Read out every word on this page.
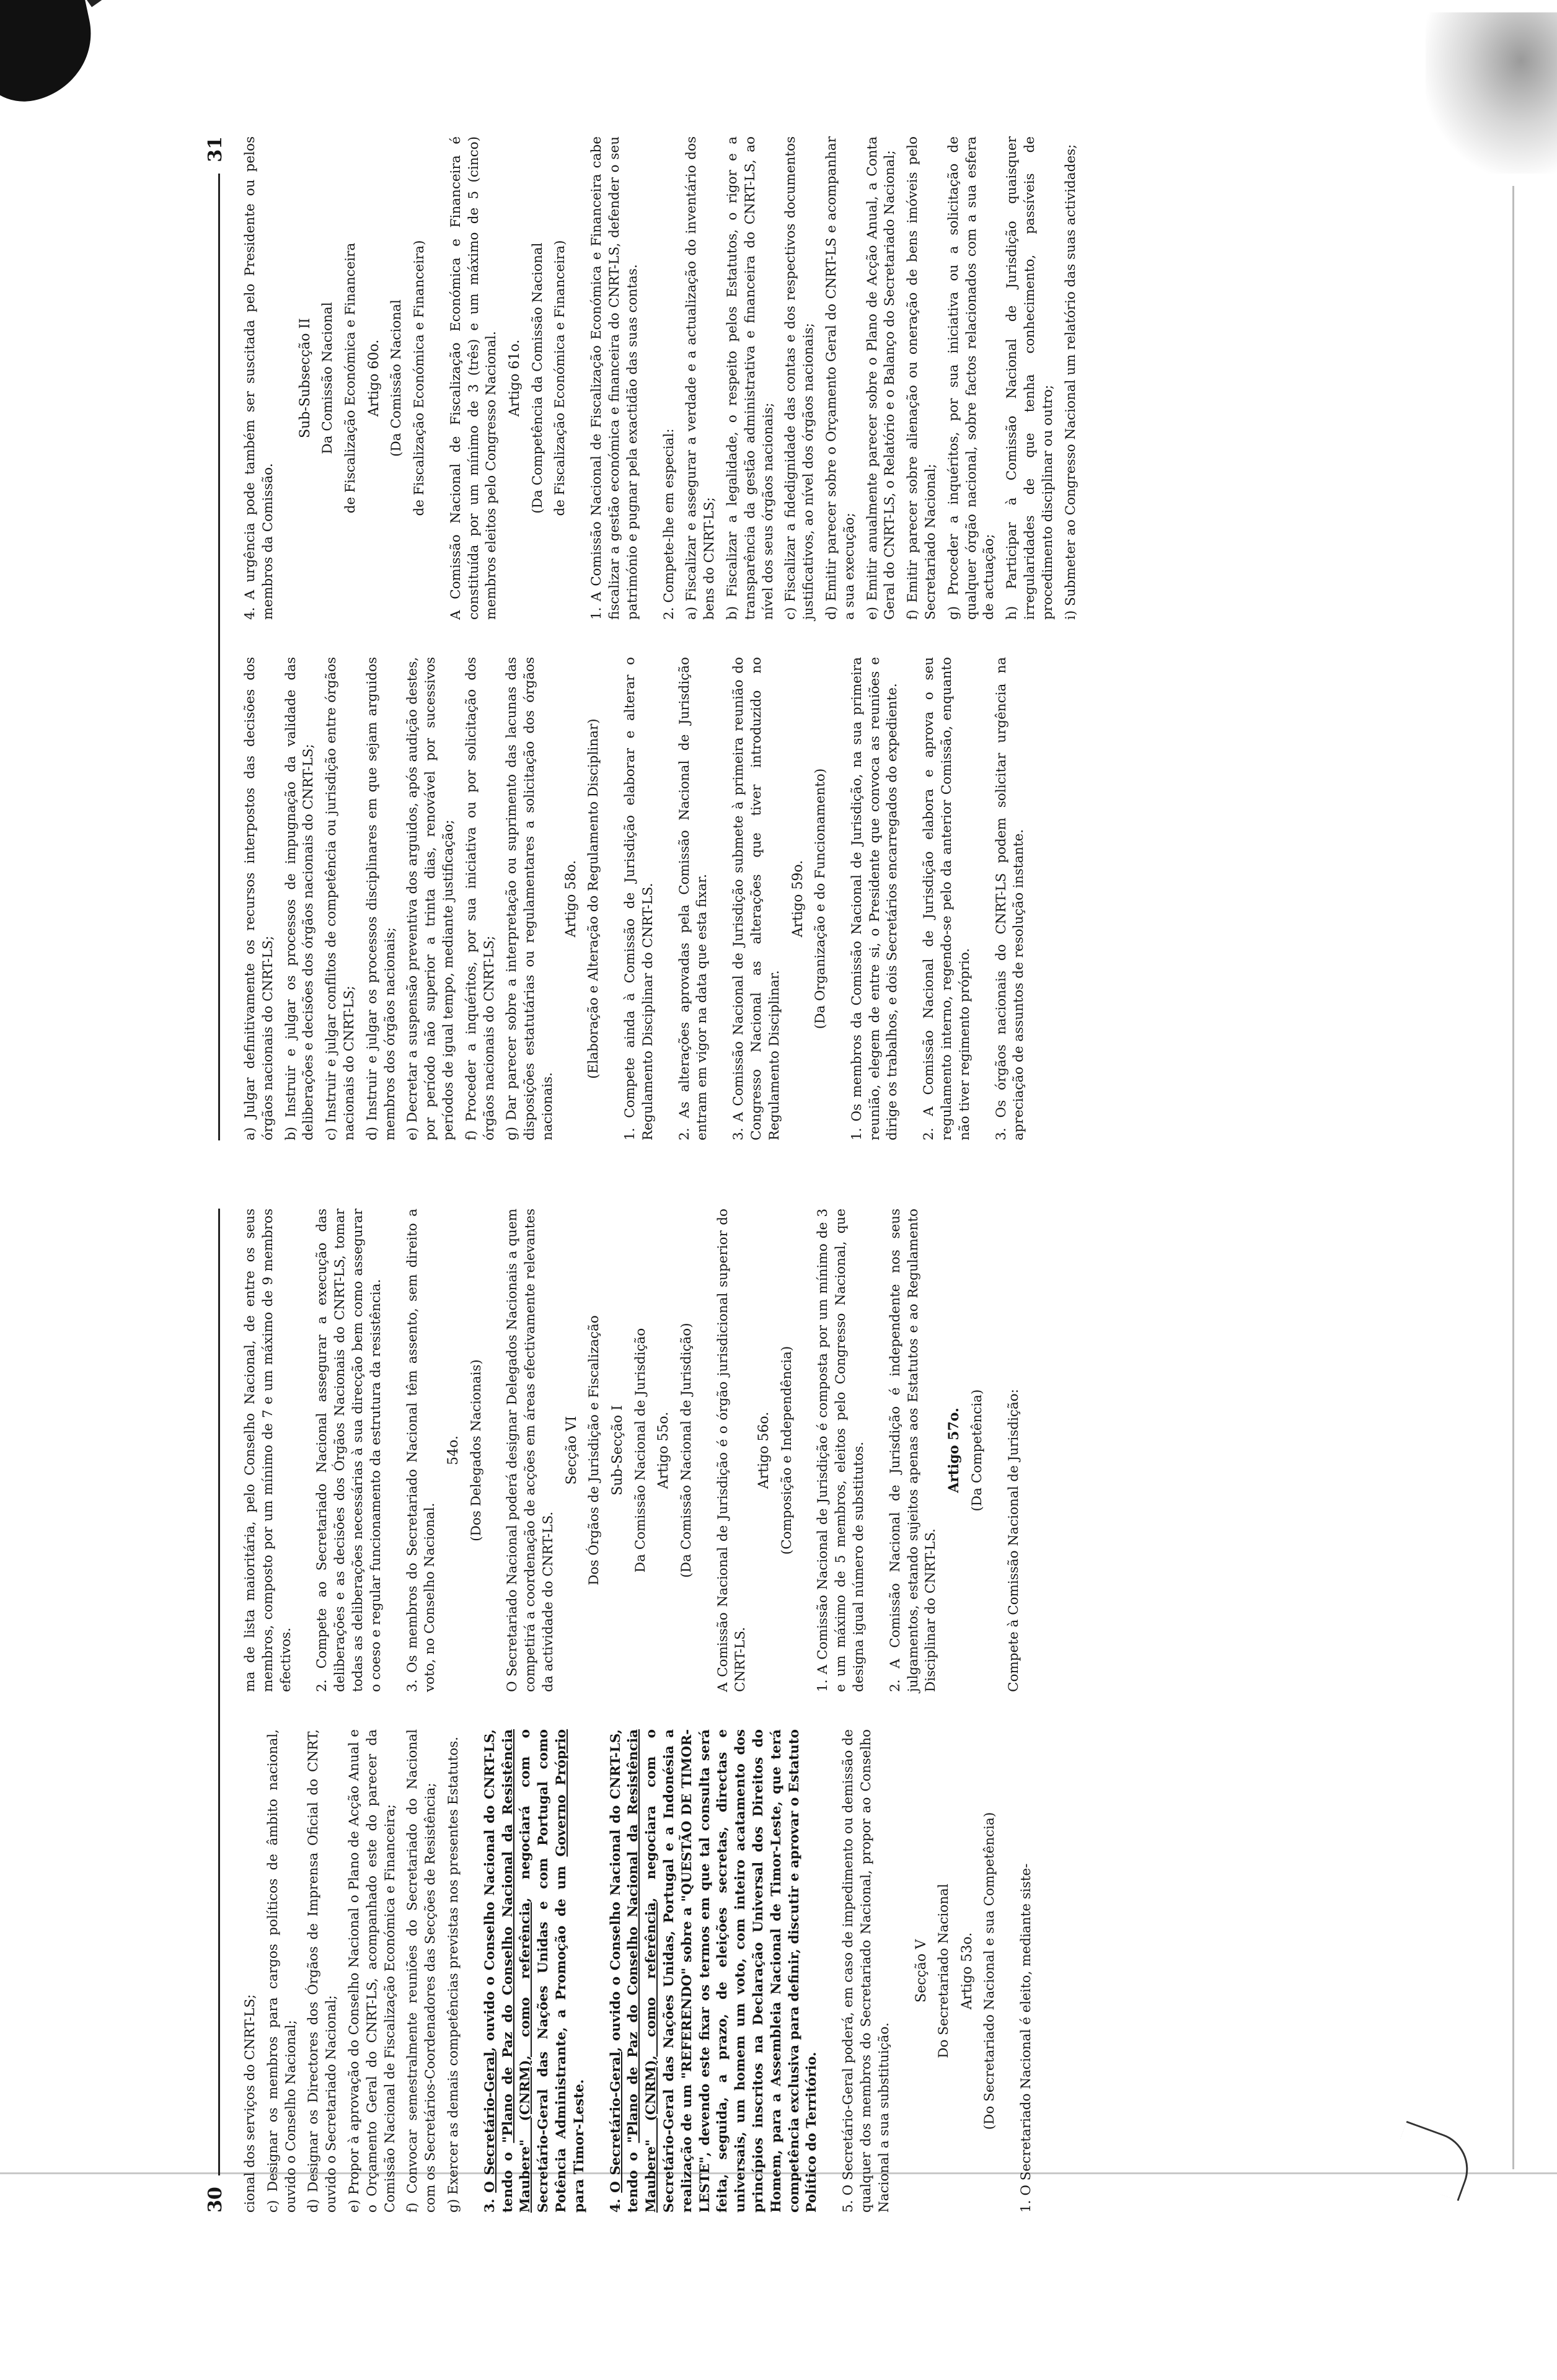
30 cional dos serviços do CNRT-LS; c) Designar os membros para cargos políticos de âmbito nacional, ouvido o Conselho Nacional; d) Designar os Directores dos Órgãos de Imprensa Oficial do CNRT, ouvido o Secretariado Nacional; e) Propor à aprovação do Conselho Nacional o Plano de Acção Anual e o Orçamento Geral do CNRT-LS, acompanhado este do parecer da Comissão Nacional de Fiscalização Económica e Financeira; f) Convocar semestralmente reuniões do Secretariado do Nacional com os Secretários-Coordenadores das Secções de Resistência; g) Exercer as demais competências previstas nos presentes Estatutos. 3. O Secretário-Geral, ouvido o Conselho Nacional do CNRT-LS, tendo o "Plano de Paz do Conselho Nacional da Resistência Maubere" (CNRM), como referência, negociará com o Secretário-Geral das Nações Unidas e com Portugal como Potência Administrante, a Promoção de um Governo Próprio para Timor-Leste. 4. O Secretário-Geral, ouvido o Conselho Nacional do CNRT-LS, tendo o "Plano de Paz do Conselho Nacional da Resistência Maubere" (CNRM), como referência, negociara com o Secretário-Geral das Nações Unidas, Portugal e a Indonésia a realização de um "REFERENDO" sobre a "QUESTÃO DE TIMOR-LESTE", devendo este fixar os termos em que tal consulta será feita, seguida, a prazo, de eleições secretas, directas e universais, um homem um voto, com inteiro acatamento dos princípios inscritos na Declaração Universal dos Direitos do Homem, para a Assembleia Nacional de Timor-Leste, que terá competência exclusiva para definir, discutir e aprovar o Estatuto Político do Território. 5. O Secretário-Geral poderá, em caso de impedimento ou demissão de qualquer dos membros do Secretariado Nacional, propor ao Conselho Nacional a sua substituição.

Secção V Do Secretariado Nacional Artigo 53o. (Do Secretariado Nacional e sua Competência) 1. O Secretariado Nacional é eleito, mediante siste-

ma de lista maioritária, pelo Conselho Nacional, de entre os seus membros, composto por um mínimo de 7 e um máximo de 9 membros efectivos. 2. Compete ao Secretariado Nacional assegurar a execução das deliberações e as decisões dos Órgãos Nacionais do CNRT-LS, tomar todas as deliberações necessárias à sua direcção bem como assegurar o coeso e regular funcionamento da estrutura da resistência. 3. Os membros do Secretariado Nacional têm assento, sem direito a voto, no Conselho Nacional.

54o. (Dos Delegados Nacionais) O Secretariado Nacional poderá designar Delegados Nacionais a quem competirá a coordenação de acções em áreas efectivamente relevantes da actividade do CNRT-LS.

Secção VI Dos Órgãos de Jurisdição e Fiscalização Sub-Secção I Da Comissão Nacional de Jurisdição Artigo 55o. (Da Comissão Nacional de Jurisdição) A Comissão Nacional de Jurisdição é o órgão jurisdicional superior do CNRT-LS.

Artigo 56o. (Composição e Independência) 1. A Comissão Nacional de Jurisdição é composta por um mínimo de 3 e um máximo de 5 membros, eleitos pelo Congresso Nacional, que designa igual número de substitutos. 2. A Comissão Nacional de Jurisdição é independente nos seus julgamentos, estando sujeitos apenas aos Estatutos e ao Regulamento Disciplinar do CNRT-LS.

Artigo 57o. (Da Competência) Compete à Comissão Nacional de Jurisdição:

31

a) Julgar definitivamente os recursos interpostos das decisões dos órgãos nacionais do CNRT-LS; b) Instruir e julgar os processos de impugnação da validade das deliberações e decisões dos órgãos nacionais do CNRT-LS; c) Instruir e julgar conflitos de competência ou jurisdição entre órgãos nacionais do CNRT-LS; d) Instruir e julgar os processos disciplinares em que sejam arguidos membros dos órgãos nacionais; e) Decretar a suspensão preventiva dos arguidos, após audição destes, por período não superior a trinta dias, renovável por sucessivos períodos de igual tempo, mediante justificação; f) Proceder a inquéritos, por sua iniciativa ou por solicitação dos órgãos nacionais do CNRT-LS; g) Dar parecer sobre a interpretação ou suprimento das lacunas das disposições estatutárias ou regulamentares a solicitação dos órgãos nacionais.

Artigo 58o. (Elaboração e Alteração do Regulamento Disciplinar) 1. Compete ainda à Comissão de Jurisdição elaborar e alterar o Regulamento Disciplinar do CNRT-LS. 2. As alterações aprovadas pela Comissão Nacional de Jurisdição entram em vigor na data que esta fixar. 3. A Comissão Nacional de Jurisdição submete à primeira reunião do Congresso Nacional as alterações que tiver introduzido no Regulamento Disciplinar.

Artigo 59o. (Da Organização e do Funcionamento) 1. Os membros da Comissão Nacional de Jurisdição, na sua primeira reunião, elegem de entre si, o Presidente que convoca as reuniões e dirige os trabalhos, e dois Secretários encarregados do expediente. 2. A Comissão Nacional de Jurisdição elabora e aprova o seu regulamento interno, regendo-se pelo da anterior Comissão, enquanto não tiver regimento próprio. 3. Os órgãos nacionais do CNRT-LS podem solicitar urgência na apreciação de assuntos de resolução instante.

4. A urgência pode também ser suscitada pelo Presidente ou pelos membros da Comissão.

Sub-Subsecção II Da Comissão Nacional de Fiscalização Económica e Financeira Artigo 60o. (Da Comissão Nacional de Fiscalização Económica e Financeira) A Comissão Nacional de Fiscalização Económica e Financeira é constituída por um mínimo de 3 (três) e um máximo de 5 (cinco) membros eleitos pelo Congresso Nacional. Artigo 61o. (Da Competência da Comissão Nacional de Fiscalização Económica e Financeira) 1. A Comissão Nacional de Fiscalização Económica e Financeira cabe fiscalizar a gestão económica e financeira do CNRT-LS, defender o seu património e pugnar pela exactidão das suas contas. 2. Compete-lhe em especial: a) Fiscalizar e assegurar a verdade e a actualização do inventário dos bens do CNRT-LS; b) Fiscalizar a legalidade, o respeito pelos Estatutos, o rigor e a transparência da gestão administrativa e financeira do CNRT-LS, ao nível dos seus órgãos nacionais; c) Fiscalizar a fidedignidade das contas e dos respectivos documentos justificativos, ao nível dos órgãos nacionais; d) Emitir parecer sobre o Orçamento Geral do CNRT-LS e acompanhar a sua execução; e) Emitir anualmente parecer sobre o Plano de Acção Anual, a Conta Geral do CNRT-LS, o Relatório e o Balanço do Secretariado Nacional; f) Emitir parecer sobre alienação ou oneração de bens imóveis pelo Secretariado Nacional; g) Proceder a inquéritos, por sua iniciativa ou a solicitação de qualquer órgão nacional, sobre factos relacionados com a sua esfera de actuação; h) Participar à Comissão Nacional de Jurisdição quaisquer irregularidades de que tenha conhecimento, passíveis de procedimento disciplinar ou outro; i) Submeter ao Congresso Nacional um relatório das suas actividades;
